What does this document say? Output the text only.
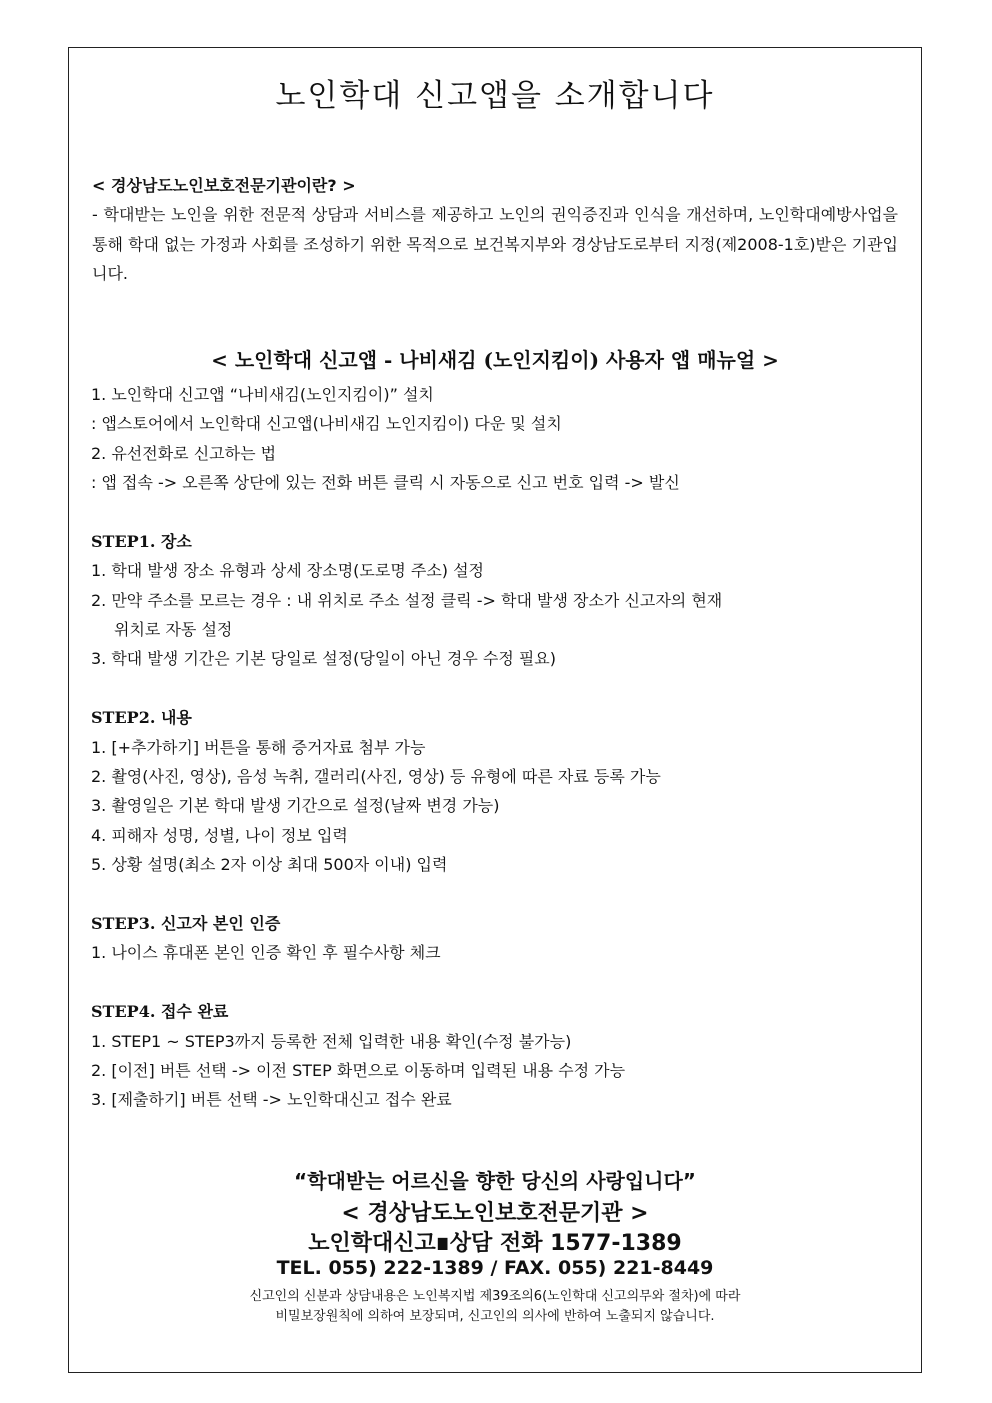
노인학대 신고앱을 소개합니다
< 경상남도노인보호전문기관이란? >
- 학대받는 노인을 위한 전문적 상담과 서비스를 제공하고 노인의 권익증진과 인식을 개선하며, 노인학대예방사업을 통해 학대 없는 가정과 사회를 조성하기 위한 목적으로 보건복지부와 경상남도로부터 지정(제2008-1호)받은 기관입니다.
< 노인학대 신고앱 - 나비새김 (노인지킴이) 사용자 앱 매뉴얼 >
1. 노인학대 신고앱 “나비새김(노인지킴이)” 설치
: 앱스토어에서 노인학대 신고앱(나비새김 노인지킴이) 다운 및 설치
2. 유선전화로 신고하는 법
: 앱 접속 -> 오른쪽 상단에 있는 전화 버튼 클릭 시 자동으로 신고 번호 입력 -> 발신
STEP1. 장소
1. 학대 발생 장소 유형과 상세 장소명(도로명 주소) 설정
2. 만약 주소를 모르는 경우 : 내 위치로 주소 설정 클릭 -> 학대 발생 장소가 신고자의 현재
위치로 자동 설정
3. 학대 발생 기간은 기본 당일로 설정(당일이 아닌 경우 수정 필요)
STEP2. 내용
1. [+추가하기] 버튼을 통해 증거자료 첨부 가능
2. 촬영(사진, 영상), 음성 녹취, 갤러리(사진, 영상) 등 유형에 따른 자료 등록 가능
3. 촬영일은 기본 학대 발생 기간으로 설정(날짜 변경 가능)
4. 피해자 성명, 성별, 나이 정보 입력
5. 상황 설명(최소 2자 이상 최대 500자 이내) 입력
STEP3. 신고자 본인 인증
1. 나이스 휴대폰 본인 인증 확인 후 필수사항 체크
STEP4. 접수 완료
1. STEP1 ~ STEP3까지 등록한 전체 입력한 내용 확인(수정 불가능)
2. [이전] 버튼 선택 -> 이전 STEP 화면으로 이동하며 입력된 내용 수정 가능
3. [제출하기] 버튼 선택 -> 노인학대신고 접수 완료
“학대받는 어르신을 향한 당신의 사랑입니다”
< 경상남도노인보호전문기관 >
노인학대신고∎상담 전화 1577-1389
TEL. 055) 222-1389 / FAX. 055) 221-8449
신고인의 신분과 상담내용은 노인복지법 제39조의6(노인학대 신고의무와 절차)에 따라
비밀보장원칙에 의하여 보장되며, 신고인의 의사에 반하여 노출되지 않습니다.
